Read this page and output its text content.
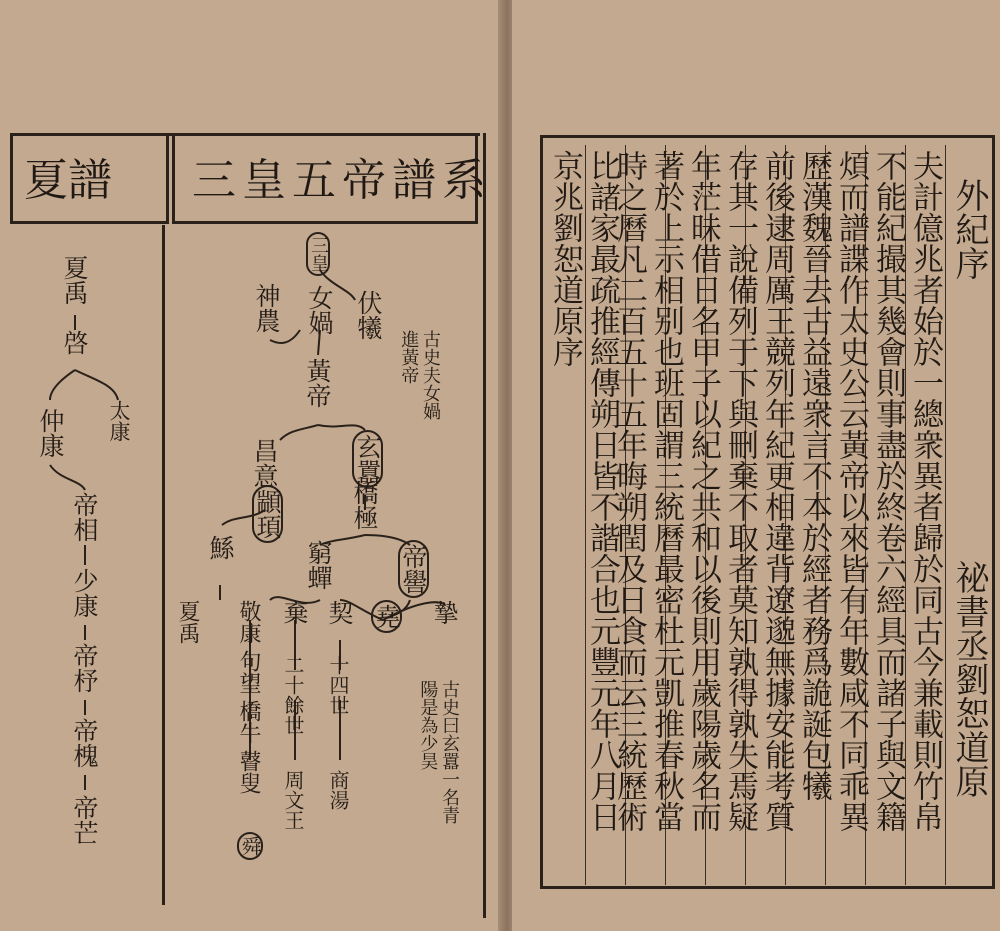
夏譜 三皇五帝譜系
夏禹
啓
太康
仲康
帝相
少康
帝杼
帝槐
帝芒
三皇
伏犧
女媧
神農
黃帝	古史夫女媧進黃帝
玄囂
橋極
昌意
顓頊
帝嚳
窮蟬
鯀
夏禹	堯 摯
契
棄
敬康
句望
橋牛
瞽叟
舜
二十餘世 十四世
商湯
周文王	古史曰玄囂一名青陽是為少昊	祕書丞劉恕道原
外紀序
夫計億兆者始於一總衆異者歸於同古今兼載則竹帛
不能紀撮其幾會則事盡於終卷六經具而諸子與文籍
煩而譜諜作太史公云黃帝以來皆有年數咸不同乖異
歷漢魏晉去古益遠衆言不本於經者務爲詭誕包犧
前後逮周厲王競列年紀更相違背遼邈無據安能考質
存其一說備列于下與刪棄不取者莫知孰得孰失焉疑
年茫昧借日名甲子以紀之共和以後則用歲陽歲名而
著於上示相别也班固謂三統曆最密杜元凱推春秋當
時之曆凡二百五十五年晦朔閏及日食而云三統歷術
比諸家最疏推經傳朔日皆不諧合也元豐元年八月日
京兆劉恕道原序
